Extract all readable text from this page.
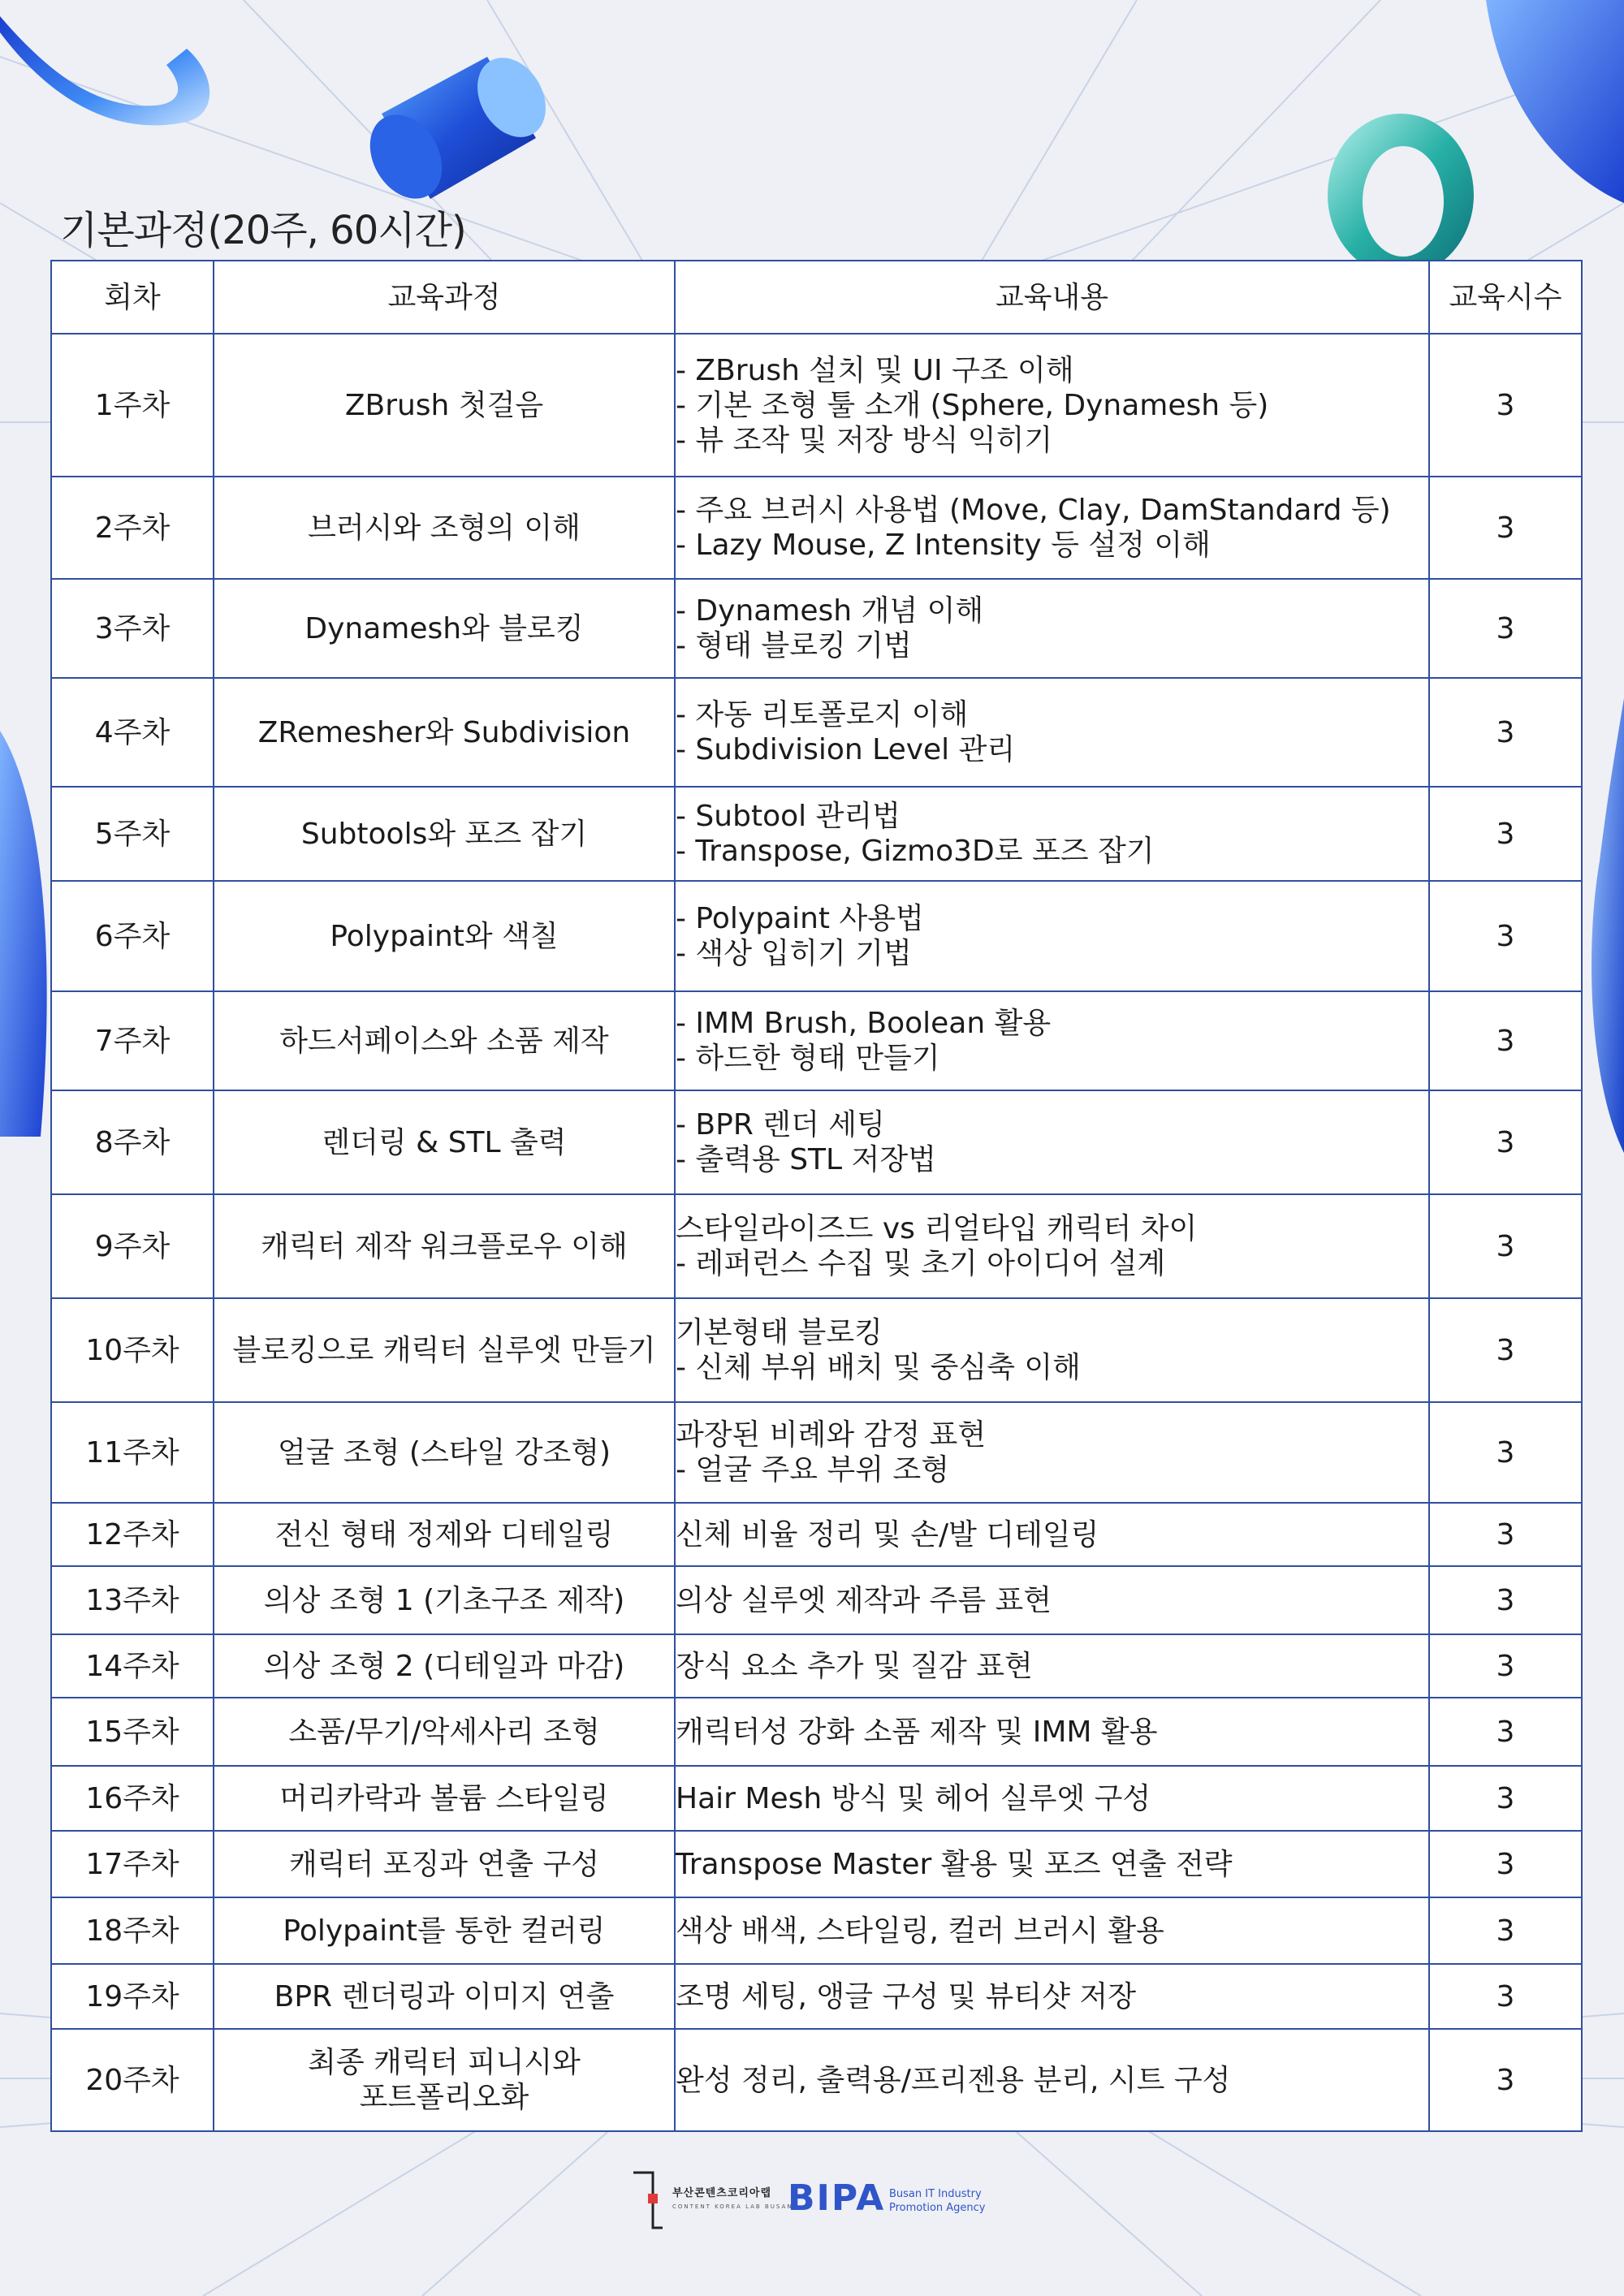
기본과정(20주, 60시간)
회차	교육과정	교육내용	교육시수
1주차	ZBrush 첫걸음	- ZBrush 설치 및 UI 구조 이해
- 기본 조형 툴 소개 (Sphere, Dynamesh 등)
- 뷰 조작 및 저장 방식 익히기	3
2주차	브러시와 조형의 이해	- 주요 브러시 사용법 (Move, Clay, DamStandard 등)
- Lazy Mouse, Z Intensity 등 설정 이해	3
3주차	Dynamesh와 블로킹	- Dynamesh 개념 이해
- 형태 블로킹 기법	3
4주차	ZRemesher와 Subdivision	- 자동 리토폴로지 이해
- Subdivision Level 관리	3
5주차	Subtools와 포즈 잡기	- Subtool 관리법
- Transpose, Gizmo3D로 포즈 잡기	3
6주차	Polypaint와 색칠	- Polypaint 사용법
- 색상 입히기 기법	3
7주차	하드서페이스와 소품 제작	- IMM Brush, Boolean 활용
- 하드한 형태 만들기	3
8주차	렌더링 & STL 출력	- BPR 렌더 세팅
- 출력용 STL 저장법	3
9주차	캐릭터 제작 워크플로우 이해	스타일라이즈드 vs 리얼타입 캐릭터 차이
- 레퍼런스 수집 및 초기 아이디어 설계	3
10주차	블로킹으로 캐릭터 실루엣 만들기	기본형태 블로킹
- 신체 부위 배치 및 중심축 이해	3
11주차	얼굴 조형 (스타일 강조형)	과장된 비례와 감정 표현
- 얼굴 주요 부위 조형	3
12주차	전신 형태 정제와 디테일링	신체 비율 정리 및 손/발 디테일링	3
13주차	의상 조형 1 (기초구조 제작)	의상 실루엣 제작과 주름 표현	3
14주차	의상 조형 2 (디테일과 마감)	장식 요소 추가 및 질감 표현	3
15주차	소품/무기/악세사리 조형	캐릭터성 강화 소품 제작 및 IMM 활용	3
16주차	머리카락과 볼륨 스타일링	Hair Mesh 방식 및 헤어 실루엣 구성	3
17주차	캐릭터 포징과 연출 구성	Transpose Master 활용 및 포즈 연출 전략	3
18주차	Polypaint를 통한 컬러링	색상 배색, 스타일링, 컬러 브러시 활용	3
19주차	BPR 렌더링과 이미지 연출	조명 세팅, 앵글 구성 및 뷰티샷 저장	3
20주차	최종 캐릭터 피니시와
포트폴리오화	완성 정리, 출력용/프리젠용 분리, 시트 구성	3
부산콘텐츠코리아랩
CONTENT KOREA LAB BUSAN
BIPA Busan IT Industry
Promotion Agency
